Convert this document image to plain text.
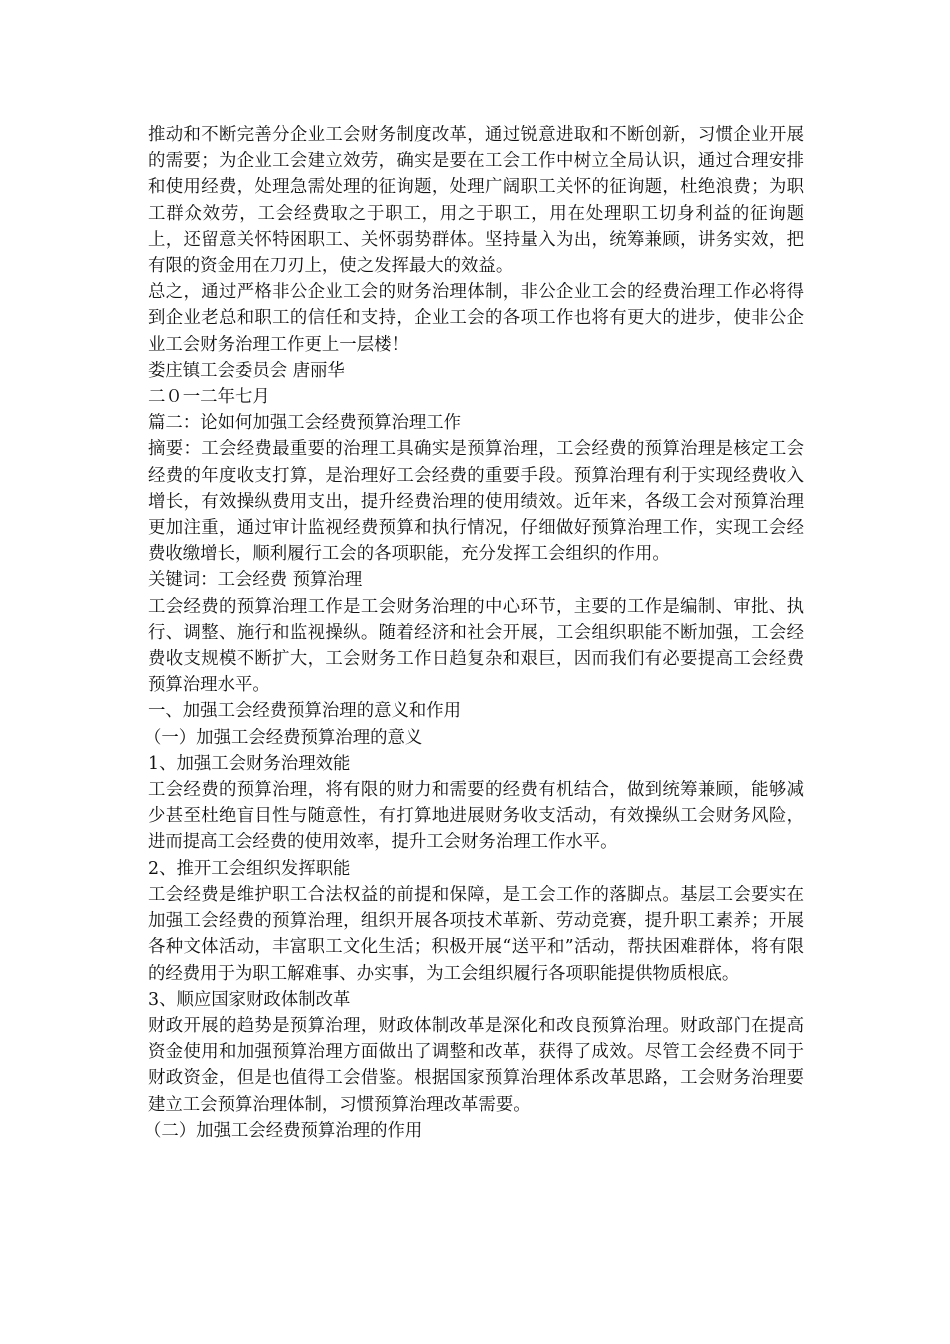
推动和不断完善分企业工会财务制度改革，通过锐意进取和不断创新，习惯企业开展的需要；为企业工会建立效劳，确实是要在工会工作中树立全局认识，通过合理安排和使用经费，处理急需处理的征询题，处理广阔职工关怀的征询题，杜绝浪费；为职工群众效劳，工会经费取之于职工，用之于职工，用在处理职工切身利益的征询题上，还留意关怀特困职工、关怀弱势群体。坚持量入为出，统筹兼顾，讲务实效，把有限的资金用在刀刃上，使之发挥最大的效益。

总之，通过严格非公企业工会的财务治理体制，非公企业工会的经费治理工作必将得到企业老总和职工的信任和支持，企业工会的各项工作也将有更大的进步，使非公企业工会财务治理工作更上一层楼！

娄庄镇工会委员会 唐丽华

二０一二年七月

篇二：论如何加强工会经费预算治理工作

摘要：工会经费最重要的治理工具确实是预算治理，工会经费的预算治理是核定工会经费的年度收支打算，是治理好工会经费的重要手段。预算治理有利于实现经费收入增长，有效操纵费用支出，提升经费治理的使用绩效。近年来，各级工会对预算治理更加注重，通过审计监视经费预算和执行情况，仔细做好预算治理工作，实现工会经费收缴增长，顺利履行工会的各项职能，充分发挥工会组织的作用。

关键词：工会经费 预算治理

工会经费的预算治理工作是工会财务治理的中心环节，主要的工作是编制、审批、执行、调整、施行和监视操纵。随着经济和社会开展，工会组织职能不断加强，工会经费收支规模不断扩大，工会财务工作日趋复杂和艰巨，因而我们有必要提高工会经费预算治理水平。

一、加强工会经费预算治理的意义和作用

（一）加强工会经费预算治理的意义

1、加强工会财务治理效能

工会经费的预算治理，将有限的财力和需要的经费有机结合，做到统筹兼顾，能够减少甚至杜绝盲目性与随意性，有打算地进展财务收支活动，有效操纵工会财务风险，进而提高工会经费的使用效率，提升工会财务治理工作水平。

2、推开工会组织发挥职能

工会经费是维护职工合法权益的前提和保障，是工会工作的落脚点。基层工会要实在加强工会经费的预算治理，组织开展各项技术革新、劳动竞赛，提升职工素养；开展各种文体活动，丰富职工文化生活；积极开展“送平和”活动，帮扶困难群体，将有限的经费用于为职工解难事、办实事，为工会组织履行各项职能提供物质根底。

3、顺应国家财政体制改革

财政开展的趋势是预算治理，财政体制改革是深化和改良预算治理。财政部门在提高资金使用和加强预算治理方面做出了调整和改革，获得了成效。尽管工会经费不同于财政资金，但是也值得工会借鉴。根据国家预算治理体系改革思路，工会财务治理要建立工会预算治理体制，习惯预算治理改革需要。

（二）加强工会经费预算治理的作用
